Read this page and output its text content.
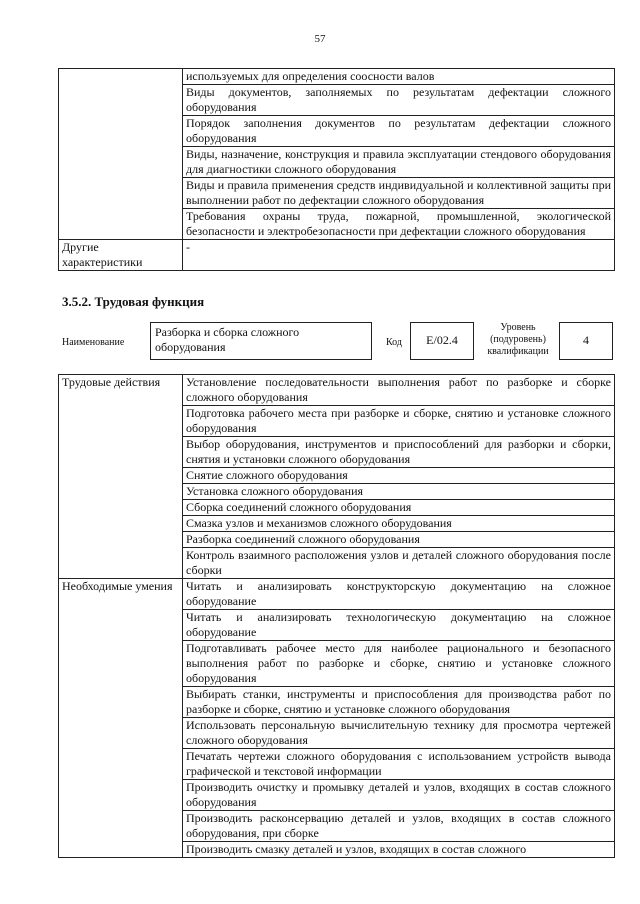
57
	используемых для определения соосности валов
	Виды документов, заполняемых по результатам дефектации сложного оборудования
	Порядок заполнения документов по результатам дефектации сложного оборудования
	Виды, назначение, конструкция и правила эксплуатации стендового оборудования для диагностики сложного оборудования
	Виды и правила применения средств индивидуальной и коллективной защиты при выполнении работ по дефектации сложного оборудования
	Требования охраны труда, пожарной, промышленной, экологической безопасности и электробезопасности при дефектации сложного оборудования
Другие характеристики	-
3.5.2. Трудовая функция
Наименование
Разборка и сборка сложного оборудования	Код	E/02.4
Уровень (подуровень) квалификации
4
Трудовые действия	Установление последовательности выполнения работ по разборке и сборке сложного оборудования
	Подготовка рабочего места при разборке и сборке, снятию и установке сложного оборудования
	Выбор оборудования, инструментов и приспособлений для разборки и сборки, снятия и установки сложного оборудования
	Снятие сложного оборудования
	Установка сложного оборудования
	Сборка соединений сложного оборудования
	Смазка узлов и механизмов сложного оборудования
	Разборка соединений сложного оборудования
	Контроль взаимного расположения узлов и деталей сложного оборудования после сборки
Необходимые умения	Читать и анализировать конструкторскую документацию на сложное оборудование
	Читать и анализировать технологическую документацию на сложное оборудование
	Подготавливать рабочее место для наиболее рационального и безопасного выполнения работ по разборке и сборке, снятию и установке сложного оборудования
	Выбирать станки, инструменты и приспособления для производства работ по разборке и сборке, снятию и установке сложного оборудования
	Использовать персональную вычислительную технику для просмотра чертежей сложного оборудования
	Печатать чертежи сложного оборудования с использованием устройств вывода графической и текстовой информации
	Производить очистку и промывку деталей и узлов, входящих в состав сложного оборудования
	Производить расконсервацию деталей и узлов, входящих в состав сложного оборудования, при сборке
	Производить смазку деталей и узлов, входящих в состав сложного
